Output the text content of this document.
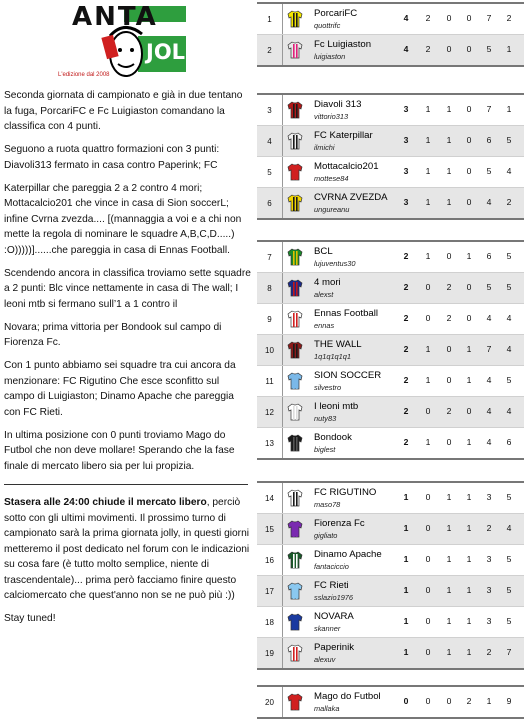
ANTA
JOLLY
L'edizione dal 2008

Seconda giornata di campionato e già in due tentano la fuga, PorcariFC e Fc Luigiaston comandano la classifica con 4 punti.

Seguono a ruota quattro formazioni con 3 punti: Diavoli313 fermato in casa contro Paperink; FC

Katerpillar che pareggia 2 a 2 contro 4 mori; Mottacalcio201 che vince in casa di Sion soccerL; infine Cvrna zvezda.... [(mannaggia a voi e a chi non mette la regola di nominare le squadre A,B,C,D.....) :O)))))]......che pareggia in casa di Ennas Football.

Scendendo ancora in classifica troviamo sette squadre a 2 punti: Blc vince nettamente in casa di The wall; I leoni mtb si fermano sull’1 a 1 contro il

Novara; prima vittoria per Bondook sul campo di Fiorenza Fc.

Con 1 punto abbiamo sei squadre tra cui ancora da menzionare: FC Rigutino Che esce sconfitto sul campo di Luigiaston; Dinamo Apache che pareggia con FC Rieti.

In ultima posizione con 0 punti troviamo Mago do Futbol che non deve mollare! Sperando che la fase finale di mercato libero sia per lui propizia.

Stasera alle 24:00 chiude il mercato libero, perciò sotto con gli ultimi movimenti. Il prossimo turno di campionato sarà la prima giornata jolly, in questi giorni metteremo il post dedicato nel forum con le indicazioni su cosa fare (è tutto molto semplice, niente di trascendentale)... prima però facciamo finire questo calciomercato che quest'anno non se ne può più :))

Stay tuned!

1	PorcariFC
quottrifc
4	2	0	0	7	2
2	Fc Luigiaston
luigiaston
4	2	0	0	5	1
3	Diavoli 313
vittorio313
3	1	1	0	7	1
4	FC Katerpillar
ilmichi
3	1	1	0	6	5
5	Mottacalcio201
mottese84
3	1	1	0	5	4
6	CVRNA ZVEZDA
ungureanu
3	1	1	0	4	2
7	BCL
lujuventus30
2	1	0	1	6	5
8	4 mori
alexst
2	0	2	0	5	5
9	Ennas Football
ennas
2	0	2	0	4	4
10	THE WALL
1q1q1q1q1
2	1	0	1	7	4
11	SION SOCCER
silvestro
2	1	0	1	4	5
12	I leoni mtb
nuty83
2	0	2	0	4	4
13	Bondook
biglest
2	1	0	1	4	6
14	FC RIGUTINO
maso78
1	0	1	1	3	5
15	Fiorenza Fc
gigliato
1	0	1	1	2	4
16	Dinamo Apache
fantaciccio
1	0	1	1	3	5
17	FC Rieti
sslazio1976
1	0	1	1	3	5
18	NOVARA
skanner
1	0	1	1	3	5
19	Paperinik
alexuv
1	0	1	1	2	7
20	Mago do Futbol
mallaka
0	0	0	2	1	9
